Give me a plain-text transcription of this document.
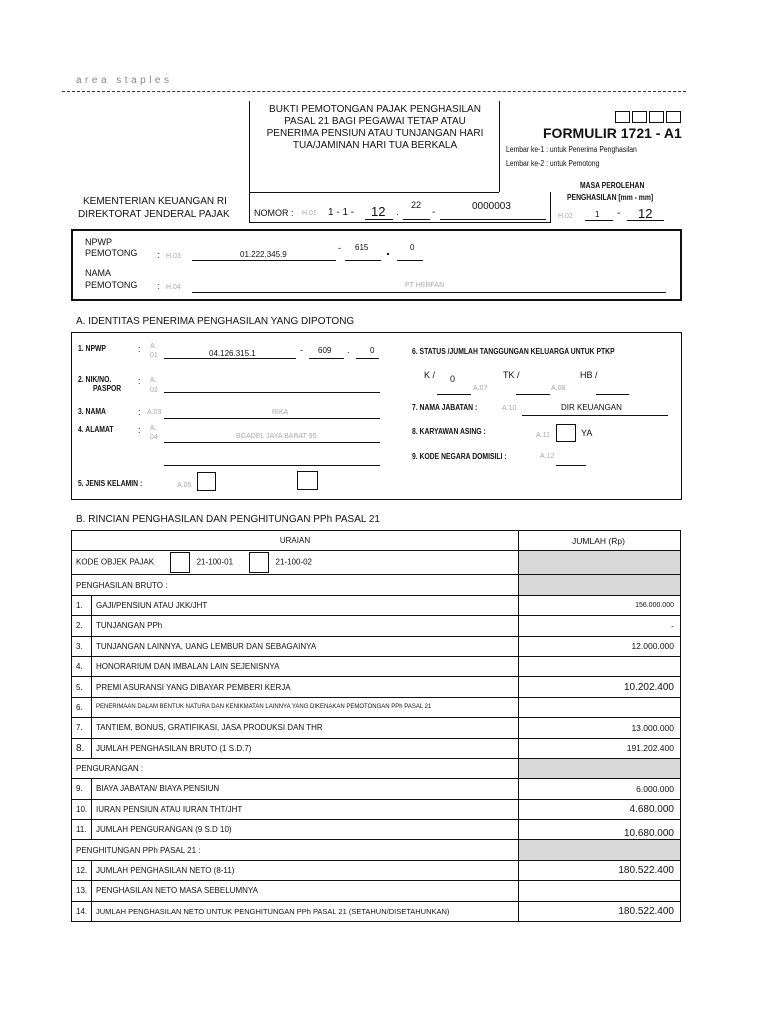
area staples
BUKTI PEMOTONGAN PAJAK PENGHASILAN
PASAL 21 BAGI PEGAWAI TETAP ATAU
PENERIMA PENSIUN ATAU TUNJANGAN HARI
TUA/JAMINAN HARI TUA BERKALA
FORMULIR 1721 - A1
Lembar ke-1 : untuk Penerima Penghasilan
Lembar ke-2 : untuk Pemotong
KEMENTERIAN KEUANGAN RI
DIREKTORAT JENDERAL PAJAK	NOMOR : H.01 1 - 1 - 12 .
22
-
0000003
MASA PEROLEHAN
PENGHASILAN [mm - mm]
H.02	1 - 12
NPWP
PEMOTONG : H.03	01.222.345.9
- 615 .	0
NAMA
PEMOTONG : H.04	PT HERFAN
A. IDENTITAS PENERIMA PENGHASILAN YANG DIPOTONG
1. NPWP	: A.
01	04.126.315.1	- 609 .	0
2. NIK/NO.
PASPOR
: A.
02
3. NAMA	: A.03	RIKA
4. ALAMAT	: A.
04	BGADEL JAYA BARAT 95
5. JENIS KELAMIN :	A.05
6. STATUS /JUMLAH TANGGUNGAN KELUARGA UNTUK PTKP
K / 0
A.07
TK /
A.08
HB /
7. NAMA JABATAN :	A.10	DIR KEUANGAN
8. KARYAWAN ASING :	A.11	YA
9. KODE NEGARA DOMISILI :	A.12
B. RINCIAN PENGHASILAN DAN PENGHITUNGAN PPh PASAL 21
URAIAN		JUMLAH (Rp)
KODE OBJEK PAJAK 21-100-01 21-100-02		
PENGHASILAN BRUTO :		
1.	GAJI/PENSIUN ATAU JKK/JHT	156.000.000
2.	TUNJANGAN PPh	-
3.	TUNJANGAN LAINNYA, UANG LEMBUR DAN SEBAGAINYA	12.000.000
4.	HONORARIUM DAN IMBALAN LAIN SEJENISNYA	
5.	PREMI ASURANSI YANG DIBAYAR PEMBERI KERJA	10.202.400
6.	PENERIMAAN DALAM BENTUK NATURA DAN KENIKMATAN LAINNYA YANG DIKENAKAN PEMOTONGAN PPh PASAL 21	
7.	TANTIEM, BONUS, GRATIFIKASI, JASA PRODUKSI DAN THR	13.000.000
8.	JUMLAH PENGHASILAN BRUTO (1 S.D.7)	191.202.400
PENGURANGAN :		
9.	BIAYA JABATAN/ BIAYA PENSIUN	6.000.000
10.	IURAN PENSIUN ATAU IURAN THT/JHT	4.680.000
11.	JUMLAH PENGURANGAN (9 S.D 10)	10.680.000
PENGHITUNGAN PPh PASAL 21 :		
12.	JUMLAH PENGHASILAN NETO (8-11)	180.522.400
13.	PENGHASILAN NETO MASA SEBELUMNYA	
14.	JUMLAH PENGHASILAN NETO UNTUK PENGHITUNGAN PPh PASAL 21 (SETAHUN/DISETAHUNKAN)	180.522.400
